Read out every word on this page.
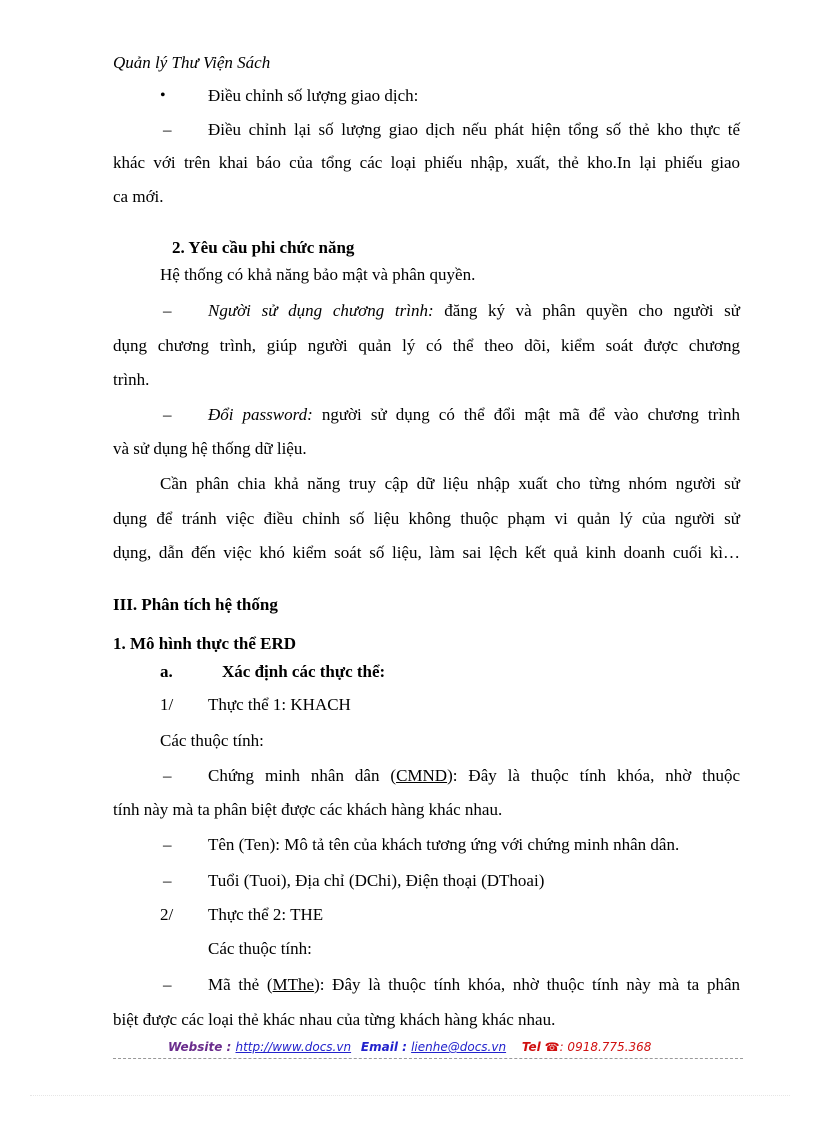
Quản lý Thư Viện Sách
• Điều chỉnh số lượng giao dịch:
– Điều chỉnh lại số lượng giao dịch nếu phát hiện tổng số thẻ kho thực tế
khác với trên khai báo của tổng các loại phiếu nhập, xuất, thẻ kho.In lại phiếu giao
ca mới.
2. Yêu cầu phi chức năng
Hệ thống có khả năng bảo mật và phân quyền.
– Người sử dụng chương trình: đăng ký và phân quyền cho người sử
dụng chương trình, giúp người quản lý có thể theo dõi, kiểm soát được chương
trình.
– Đổi password: người sử dụng có thể đổi mật mã để vào chương trình
và sử dụng hệ thống dữ liệu.
Cần phân chia khả năng truy cập dữ liệu nhập xuất cho từng nhóm người sử
dụng để tránh việc điều chỉnh số liệu không thuộc phạm vi quản lý của người sử
dụng, dẫn đến việc khó kiểm soát số liệu, làm sai lệch kết quả kinh doanh cuối kì…
III. Phân tích hệ thống
1. Mô hình thực thể ERD
a.	Xác định các thực thể:
1/ Thực thể 1: KHACH
Các thuộc tính:
– Chứng minh nhân dân (CMND): Đây là thuộc tính khóa, nhờ thuộc
tính này mà ta phân biệt được các khách hàng khác nhau.
– Tên (Ten): Mô tả tên của khách tương ứng với chứng minh nhân dân.
– Tuổi (Tuoi), Địa chỉ (DChi), Điện thoại (DThoai)
2/ Thực thể 2: THE
Các thuộc tính:
– Mã thẻ (MThe): Đây là thuộc tính khóa, nhờ thuộc tính này mà ta phân
biệt được các loại thẻ khác nhau của từng khách hàng khác nhau.
Website : http://www.docs.vn Email : lienhe@docs.vn Tel ☎: 0918.775.368
